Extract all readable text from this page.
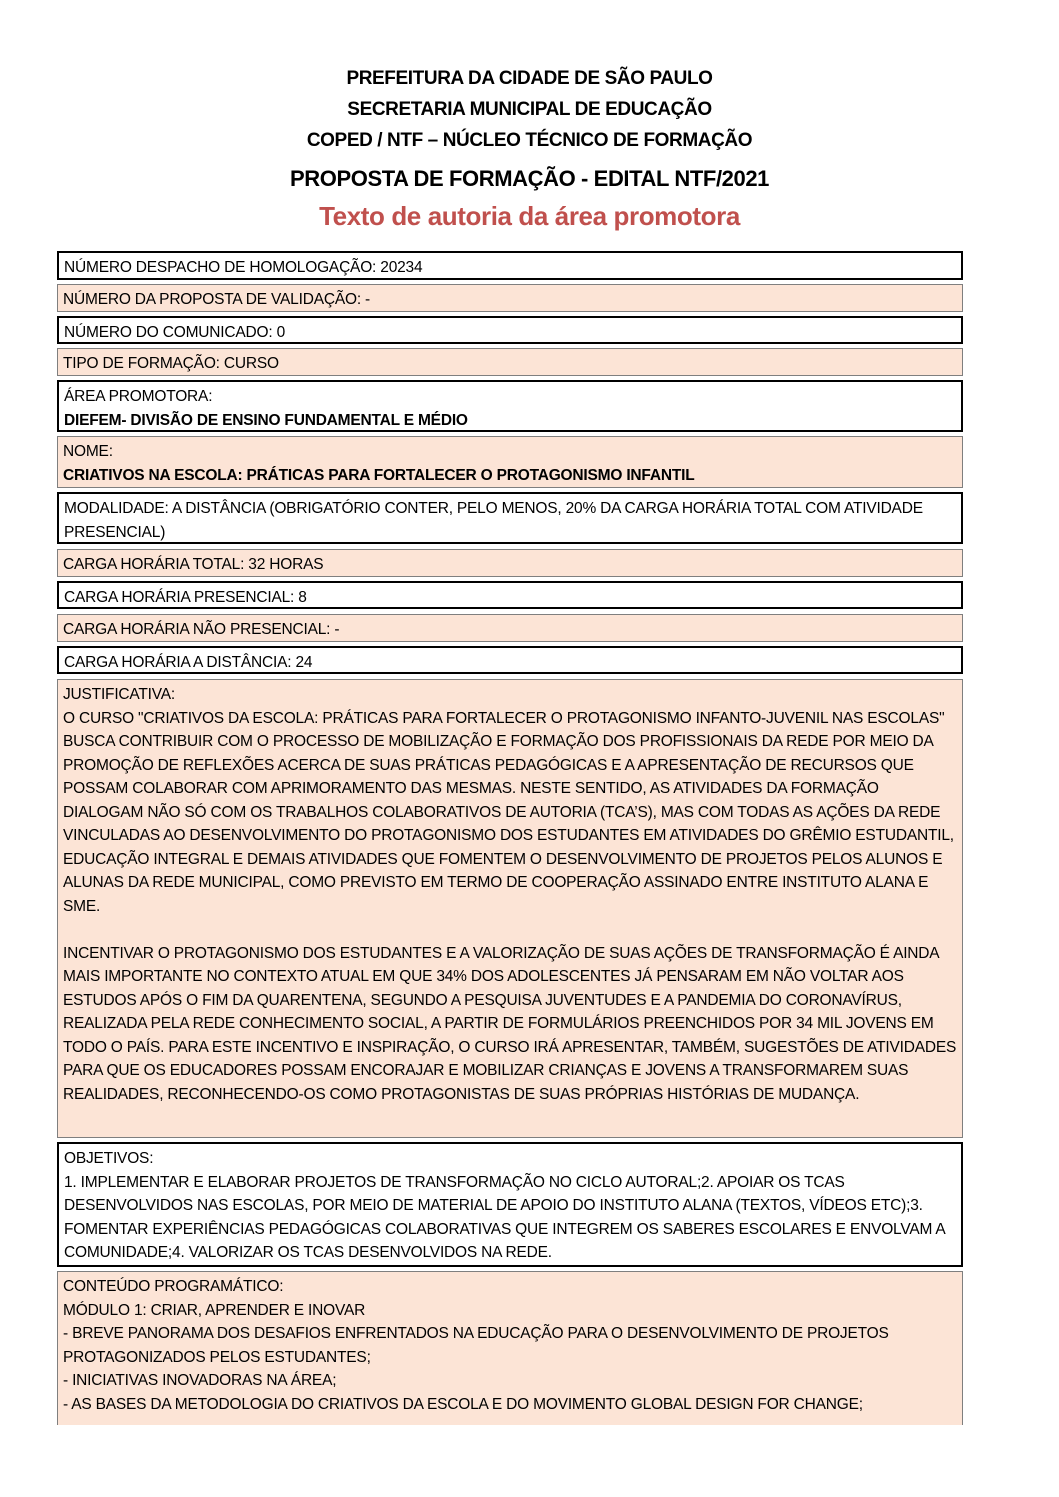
PREFEITURA DA CIDADE DE SÃO PAULO
SECRETARIA MUNICIPAL DE EDUCAÇÃO
COPED / NTF – NÚCLEO TÉCNICO DE FORMAÇÃO
PROPOSTA DE FORMAÇÃO - EDITAL NTF/2021
Texto de autoria da área promotora
NÚMERO DESPACHO DE HOMOLOGAÇÃO: 20234
NÚMERO DA PROPOSTA DE VALIDAÇÃO: -
NÚMERO DO COMUNICADO: 0
TIPO DE FORMAÇÃO: CURSO
ÁREA PROMOTORA:
DIEFEM- DIVISÃO DE ENSINO FUNDAMENTAL E MÉDIO
NOME:
CRIATIVOS NA ESCOLA: PRÁTICAS PARA FORTALECER O PROTAGONISMO INFANTIL
MODALIDADE: A DISTÂNCIA (OBRIGATÓRIO CONTER, PELO MENOS, 20% DA CARGA HORÁRIA TOTAL COM ATIVIDADE PRESENCIAL)
CARGA HORÁRIA TOTAL: 32 HORAS
CARGA HORÁRIA PRESENCIAL: 8
CARGA HORÁRIA NÃO PRESENCIAL: -
CARGA HORÁRIA A DISTÂNCIA: 24
JUSTIFICATIVA:

O CURSO "CRIATIVOS DA ESCOLA: PRÁTICAS PARA FORTALECER O PROTAGONISMO INFANTO-JUVENIL NAS ESCOLAS" BUSCA CONTRIBUIR COM O PROCESSO DE MOBILIZAÇÃO E FORMAÇÃO DOS PROFISSIONAIS DA REDE POR MEIO DA PROMOÇÃO DE REFLEXÕES ACERCA DE SUAS PRÁTICAS PEDAGÓGICAS E A APRESENTAÇÃO DE RECURSOS QUE POSSAM COLABORAR COM APRIMORAMENTO DAS MESMAS. NESTE SENTIDO, AS ATIVIDADES DA FORMAÇÃO DIALOGAM NÃO SÓ COM OS TRABALHOS COLABORATIVOS DE AUTORIA (TCA’S), MAS COM TODAS AS AÇÕES DA REDE VINCULADAS AO DESENVOLVIMENTO DO PROTAGONISMO DOS ESTUDANTES EM ATIVIDADES DO GRÊMIO ESTUDANTIL, EDUCAÇÃO INTEGRAL E DEMAIS ATIVIDADES QUE FOMENTEM O DESENVOLVIMENTO DE PROJETOS PELOS ALUNOS E ALUNAS DA REDE MUNICIPAL, COMO PREVISTO EM TERMO DE COOPERAÇÃO ASSINADO ENTRE INSTITUTO ALANA E SME.

INCENTIVAR O PROTAGONISMO DOS ESTUDANTES E A VALORIZAÇÃO DE SUAS AÇÕES DE TRANSFORMAÇÃO É AINDA MAIS IMPORTANTE NO CONTEXTO ATUAL EM QUE 34% DOS ADOLESCENTES JÁ PENSARAM EM NÃO VOLTAR AOS ESTUDOS APÓS O FIM DA QUARENTENA, SEGUNDO A PESQUISA JUVENTUDES E A PANDEMIA DO CORONAVÍRUS, REALIZADA PELA REDE CONHECIMENTO SOCIAL, A PARTIR DE FORMULÁRIOS PREENCHIDOS POR 34 MIL JOVENS EM TODO O PAÍS. PARA ESTE INCENTIVO E INSPIRAÇÃO, O CURSO IRÁ APRESENTAR, TAMBÉM, SUGESTÕES DE ATIVIDADES PARA QUE OS EDUCADORES POSSAM ENCORAJAR E MOBILIZAR CRIANÇAS E JOVENS A TRANSFORMAREM SUAS REALIDADES, RECONHECENDO-OS COMO PROTAGONISTAS DE SUAS PRÓPRIAS HISTÓRIAS DE MUDANÇA.

OBJETIVOS:

1. IMPLEMENTAR E ELABORAR PROJETOS DE TRANSFORMAÇÃO NO CICLO AUTORAL;2. APOIAR OS TCAS DESENVOLVIDOS NAS ESCOLAS, POR MEIO DE MATERIAL DE APOIO DO INSTITUTO ALANA (TEXTOS, VÍDEOS ETC);3. FOMENTAR EXPERIÊNCIAS PEDAGÓGICAS COLABORATIVAS QUE INTEGREM OS SABERES ESCOLARES E ENVOLVAM A COMUNIDADE;4. VALORIZAR OS TCAS DESENVOLVIDOS NA REDE.

CONTEÚDO PROGRAMÁTICO:
MÓDULO 1: CRIAR, APRENDER E INOVAR
- BREVE PANORAMA DOS DESAFIOS ENFRENTADOS NA EDUCAÇÃO PARA O DESENVOLVIMENTO DE PROJETOS PROTAGONIZADOS PELOS ESTUDANTES;
- INICIATIVAS INOVADORAS NA ÁREA;
- AS BASES DA METODOLOGIA DO CRIATIVOS DA ESCOLA E DO MOVIMENTO GLOBAL DESIGN FOR CHANGE;
